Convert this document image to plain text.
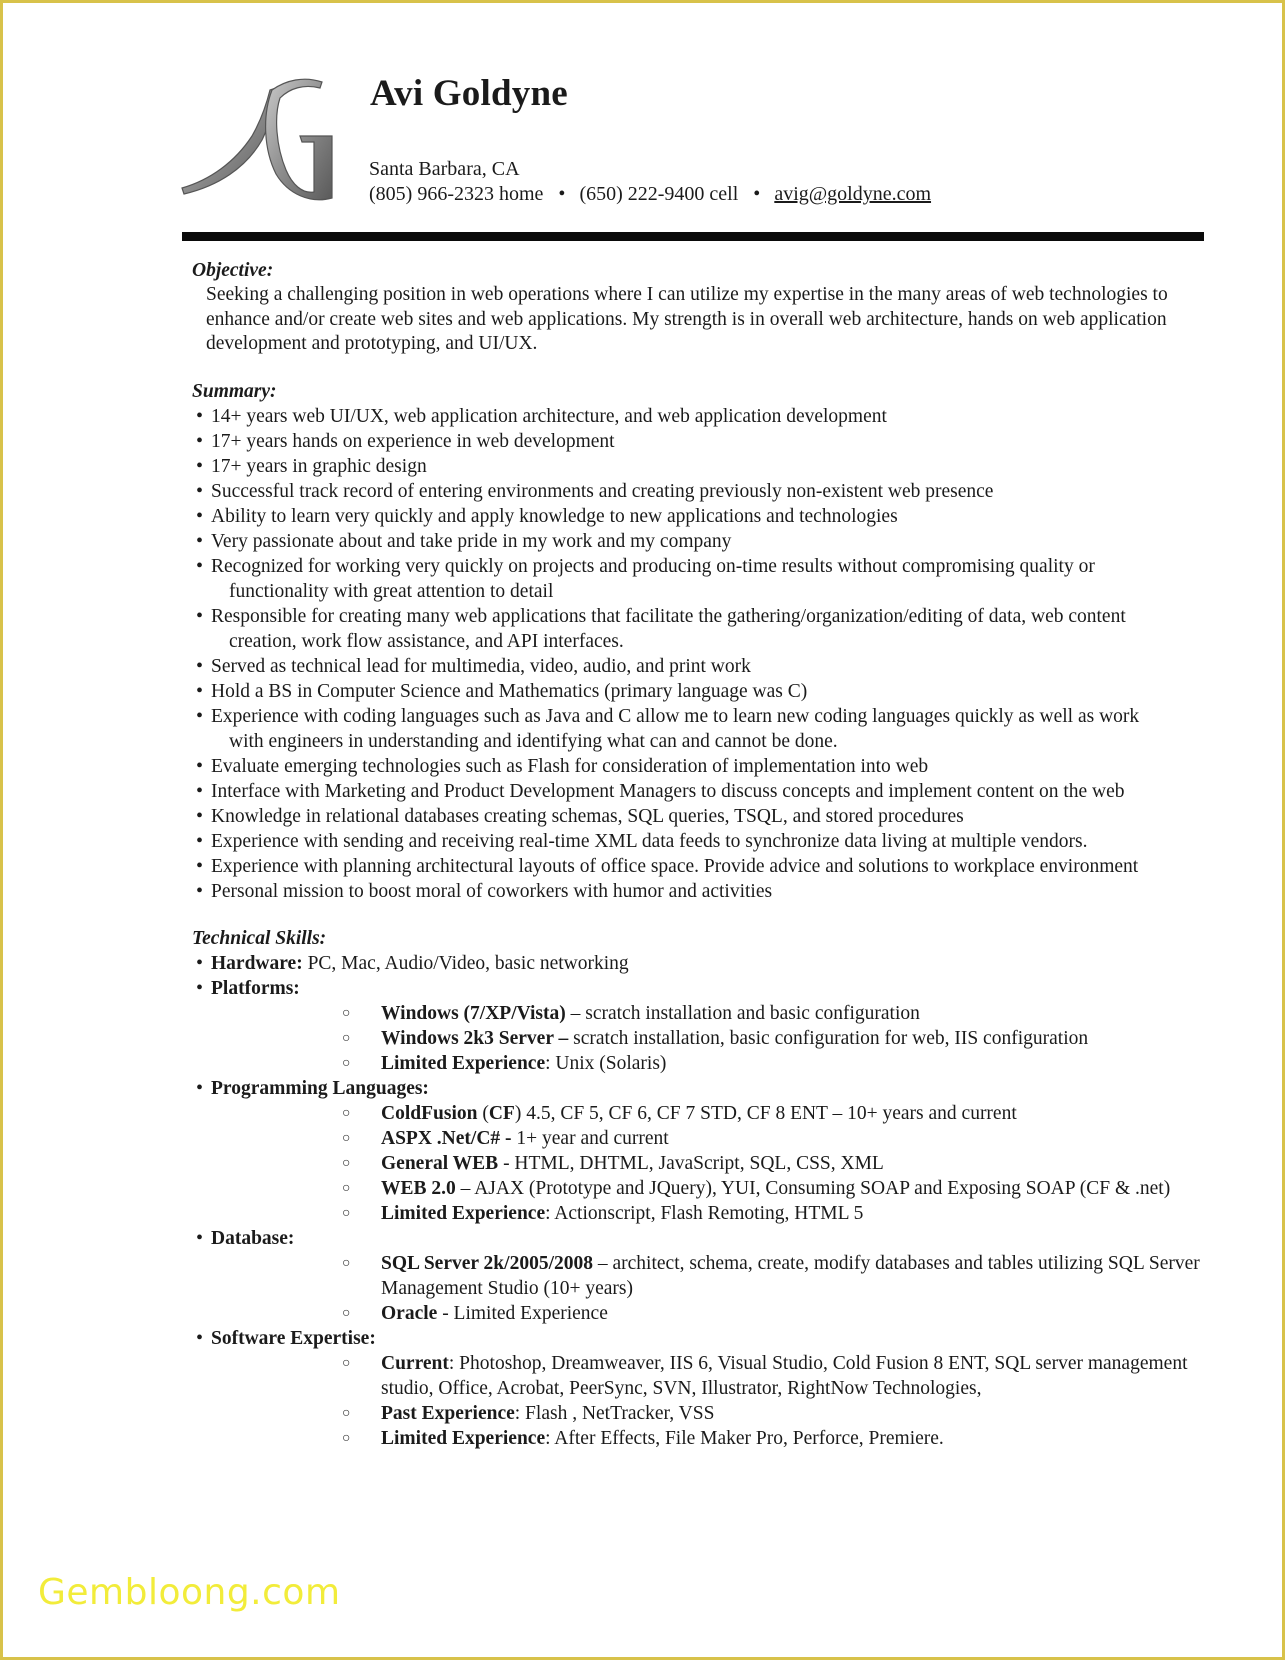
Avi Goldyne
Santa Barbara, CA
(805) 966-2323 home • (650) 222-9400 cell • avig@goldyne.com
Objective:

Seeking a challenging position in web operations where I can utilize my expertise in the many areas of web technologies to enhance and/or create web sites and web applications. My strength is in overall web architecture, hands on web application development and prototyping, and UI/UX.

Summary:
• 14+ years web UI/UX, web application architecture, and web application development
• 17+ years hands on experience in web development
• 17+ years in graphic design
• Successful track record of entering environments and creating previously non-existent web presence
• Ability to learn very quickly and apply knowledge to new applications and technologies
• Very passionate about and take pride in my work and my company
• Recognized for working very quickly on projects and producing on-time results without compromising quality or
functionality with great attention to detail
• Responsible for creating many web applications that facilitate the gathering/organization/editing of data, web content
creation, work flow assistance, and API interfaces.
• Served as technical lead for multimedia, video, audio, and print work
• Hold a BS in Computer Science and Mathematics (primary language was C)
• Experience with coding languages such as Java and C allow me to learn new coding languages quickly as well as work
with engineers in understanding and identifying what can and cannot be done.
• Evaluate emerging technologies such as Flash for consideration of implementation into web
• Interface with Marketing and Product Development Managers to discuss concepts and implement content on the web
• Knowledge in relational databases creating schemas, SQL queries, TSQL, and stored procedures
• Experience with sending and receiving real-time XML data feeds to synchronize data living at multiple vendors.
• Experience with planning architectural layouts of office space. Provide advice and solutions to workplace environment
• Personal mission to boost moral of coworkers with humor and activities
Technical Skills:
• Hardware: PC, Mac, Audio/Video, basic networking
• Platforms:
○ Windows (7/XP/Vista) – scratch installation and basic configuration
○ Windows 2k3 Server – scratch installation, basic configuration for web, IIS configuration
○ Limited Experience: Unix (Solaris)
• Programming Languages:
○ ColdFusion (CF) 4.5, CF 5, CF 6, CF 7 STD, CF 8 ENT – 10+ years and current
○ ASPX .Net/C# - 1+ year and current
○ General WEB - HTML, DHTML, JavaScript, SQL, CSS, XML
○ WEB 2.0 – AJAX (Prototype and JQuery), YUI, Consuming SOAP and Exposing SOAP (CF & .net)
○ Limited Experience: Actionscript, Flash Remoting, HTML 5
• Database:
○ SQL Server 2k/2005/2008 – architect, schema, create, modify databases and tables utilizing SQL Server Management Studio (10+ years)
○ Oracle - Limited Experience
• Software Expertise:
○ Current: Photoshop, Dreamweaver, IIS 6, Visual Studio, Cold Fusion 8 ENT, SQL server management studio, Office, Acrobat, PeerSync, SVN, Illustrator, RightNow Technologies,
○ Past Experience: Flash , NetTracker, VSS
○ Limited Experience: After Effects, File Maker Pro, Perforce, Premiere.
Gembloong.com
